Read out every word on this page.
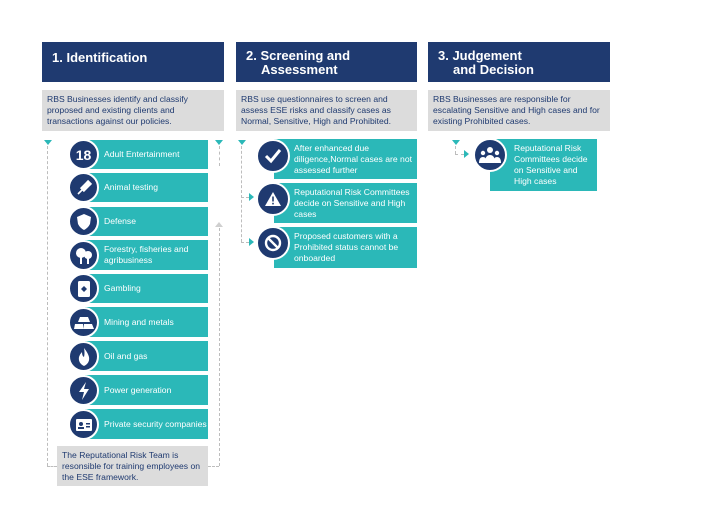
1. Identification
RBS Businesses identify and classify proposed and existing clients and transactions against our policies.
Adult Entertainment
18
Animal testing
Defense
Forestry, fisheries and agribusiness
Gambling
Mining and metals
Oil and gas
Power generation
Private security companies
The Reputational Risk Team is resonsible for training employees on the ESE framework.
2. Screening and
Assessment
RBS use questionnaires to screen and assess ESE risks and classify cases as Normal, Sensitive, High and Prohibited.
After enhanced due diligence,Normal cases are not assessed further
Reputational Risk Committees decide on Sensitive and High cases
Proposed customers with a Prohibited status cannot be onboarded
3. Judgement
and Decision
RBS Businesses are responsible for escalating Sensitive and High cases and for existing Prohibited cases.
Reputational Risk Committees decide on Sensitive and High cases
